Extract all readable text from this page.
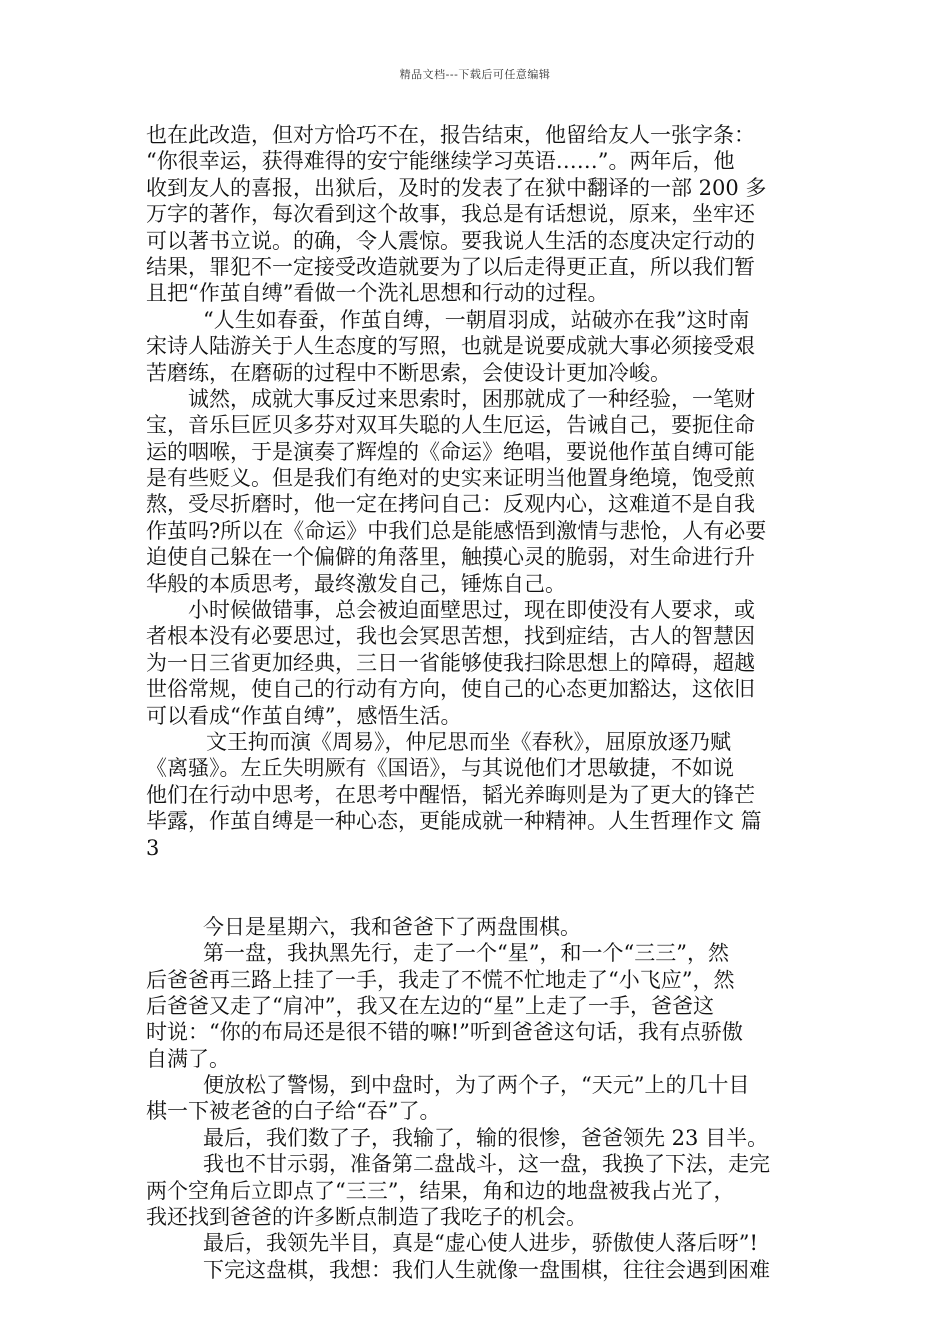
精品文档---下载后可任意编辑
也在此改造，但对方恰巧不在，报告结束，他留给友人一张字条：
“你很幸运，获得难得的安宁能继续学习英语……”。两年后，他
收到友人的喜报，出狱后，及时的发表了在狱中翻译的一部 200 多
万字的著作，每次看到这个故事，我总是有话想说，原来，坐牢还
可以著书立说。的确，令人震惊。要我说人生活的态度决定行动的
结果，罪犯不一定接受改造就要为了以后走得更正直，所以我们暂
且把“作茧自缚”看做一个洗礼思想和行动的过程。
“人生如春蚕，作茧自缚，一朝眉羽成，站破亦在我”这时南
宋诗人陆游关于人生态度的写照，也就是说要成就大事必须接受艰
苦磨练，在磨砺的过程中不断思索，会使设计更加冷峻。
诚然，成就大事反过来思索时，困那就成了一种经验，一笔财
宝，音乐巨匠贝多芬对双耳失聪的人生厄运，告诫自己，要扼住命
运的咽喉，于是演奏了辉煌的《命运》绝唱，要说他作茧自缚可能
是有些贬义。但是我们有绝对的史实来证明当他置身绝境，饱受煎
熬，受尽折磨时，他一定在拷问自己：反观内心，这难道不是自我
作茧吗?所以在《命运》中我们总是能感悟到激情与悲怆，人有必要
迫使自己躲在一个偏僻的角落里，触摸心灵的脆弱，对生命进行升
华般的本质思考，最终激发自己，锤炼自己。
小时候做错事，总会被迫面壁思过，现在即使没有人要求，或
者根本没有必要思过，我也会冥思苦想，找到症结，古人的智慧因
为一日三省更加经典，三日一省能够使我扫除思想上的障碍，超越
世俗常规，使自己的行动有方向，使自己的心态更加豁达，这依旧
可以看成“作茧自缚”，感悟生活。
文王拘而演《周易》，仲尼思而坐《春秋》，屈原放逐乃赋
《离骚》。左丘失明厥有《国语》，与其说他们才思敏捷，不如说
他们在行动中思考，在思考中醒悟，韬光养晦则是为了更大的锋芒
毕露，作茧自缚是一种心态，更能成就一种精神。人生哲理作文 篇
3
今日是星期六，我和爸爸下了两盘围棋。
第一盘，我执黑先行，走了一个“星”，和一个“三三”，然
后爸爸再三路上挂了一手，我走了不慌不忙地走了“小飞应”，然
后爸爸又走了“肩冲”，我又在左边的“星”上走了一手，爸爸这
时说：“你的布局还是很不错的嘛!”听到爸爸这句话，我有点骄傲
自满了。
便放松了警惕，到中盘时，为了两个子，“天元”上的几十目
棋一下被老爸的白子给“吞”了。
最后，我们数了子，我输了，输的很惨，爸爸领先 23 目半。
我也不甘示弱，准备第二盘战斗，这一盘，我换了下法，走完
两个空角后立即点了“三三”，结果，角和边的地盘被我占光了，
我还找到爸爸的许多断点制造了我吃子的机会。
最后，我领先半目，真是“虚心使人进步，骄傲使人落后呀”!
下完这盘棋，我想：我们人生就像一盘围棋，往往会遇到困难
